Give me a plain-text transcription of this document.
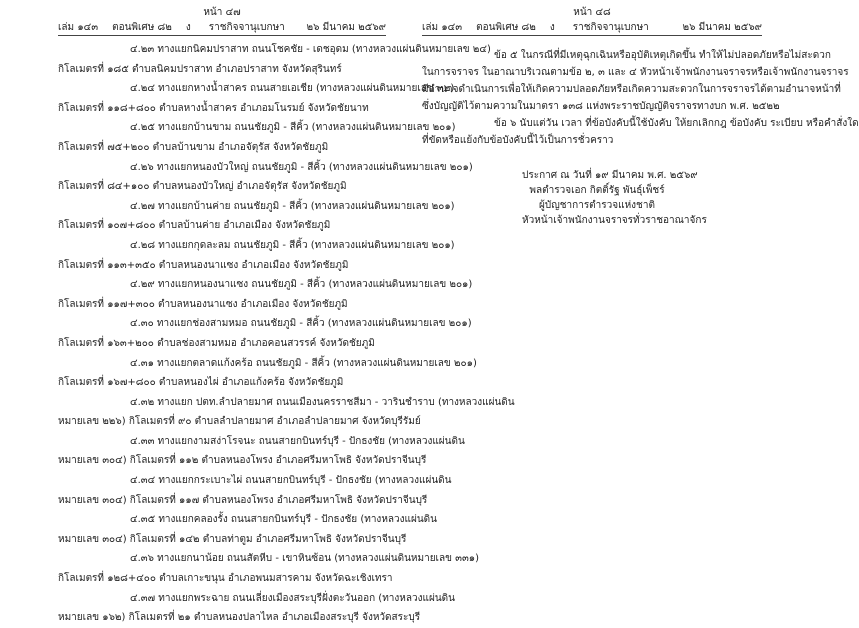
หน้า ๔๗
เล่ม ๑๔๓ ตอนพิเศษ ๘๒ ง ราชกิจจานุเบกษา ๒๖ มีนาคม ๒๕๖๙
๔.๒๓ ทางแยกนิคมปราสาท ถนนโชคชัย - เดชอุดม (ทางหลวงแผ่นดินหมายเลข ๒๔)
กิโลเมตรที่ ๑๘๕ ตำบลนิคมปราสาท อำเภอปราสาท จังหวัดสุรินทร์
๔.๒๔ ทางแยกหางน้ำสาคร ถนนสายเอเชีย (ทางหลวงแผ่นดินหมายเลข ๓๒)
กิโลเมตรที่ ๑๑๘+๘๐๐ ตำบลหางน้ำสาคร อำเภอมโนรมย์ จังหวัดชัยนาท
๔.๒๕ ทางแยกบ้านขาม ถนนชัยภูมิ - สีคิ้ว (ทางหลวงแผ่นดินหมายเลข ๒๐๑)
กิโลเมตรที่ ๗๕+๒๐๐ ตำบลบ้านขาม อำเภอจัตุรัส จังหวัดชัยภูมิ
๔.๒๖ ทางแยกหนองบัวใหญ่ ถนนชัยภูมิ - สีคิ้ว (ทางหลวงแผ่นดินหมายเลข ๒๐๑)
กิโลเมตรที่ ๘๔+๑๐๐ ตำบลหนองบัวใหญ่ อำเภอจัตุรัส จังหวัดชัยภูมิ
๔.๒๗ ทางแยกบ้านค่าย ถนนชัยภูมิ - สีคิ้ว (ทางหลวงแผ่นดินหมายเลข ๒๐๑)
กิโลเมตรที่ ๑๐๗+๘๐๐ ตำบลบ้านค่าย อำเภอเมือง จังหวัดชัยภูมิ
๔.๒๘ ทางแยกกุดละลม ถนนชัยภูมิ - สีคิ้ว (ทางหลวงแผ่นดินหมายเลข ๒๐๑)
กิโลเมตรที่ ๑๑๓+๓๕๐ ตำบลหนองนาแซง อำเภอเมือง จังหวัดชัยภูมิ
๔.๒๙ ทางแยกหนองนาแซง ถนนชัยภูมิ - สีคิ้ว (ทางหลวงแผ่นดินหมายเลข ๒๐๑)
กิโลเมตรที่ ๑๑๗+๓๐๐ ตำบลหนองนาแซง อำเภอเมือง จังหวัดชัยภูมิ
๔.๓๐ ทางแยกช่องสามหมอ ถนนชัยภูมิ - สีคิ้ว (ทางหลวงแผ่นดินหมายเลข ๒๐๑)
กิโลเมตรที่ ๑๖๓+๒๐๐ ตำบลช่องสามหมอ อำเภอคอนสวรรค์ จังหวัดชัยภูมิ
๔.๓๑ ทางแยกตลาดแก้งคร้อ ถนนชัยภูมิ - สีคิ้ว (ทางหลวงแผ่นดินหมายเลข ๒๐๑)
กิโลเมตรที่ ๑๖๗+๘๐๐ ตำบลหนองไผ่ อำเภอแก้งคร้อ จังหวัดชัยภูมิ
๔.๓๒ ทางแยก ปตท.ลำปลายมาศ ถนนเมืองนครราชสีมา - วารินชำราบ (ทางหลวงแผ่นดิน
หมายเลข ๒๒๖) กิโลเมตรที่ ๙๐ ตำบลลำปลายมาศ อำเภอลำปลายมาศ จังหวัดบุรีรัมย์
๔.๓๓ ทางแยกงามสง่าโรจนะ ถนนสายกบินทร์บุรี - ปักธงชัย (ทางหลวงแผ่นดิน
หมายเลข ๓๐๔) กิโลเมตรที่ ๑๑๒ ตำบลหนองโพรง อำเภอศรีมหาโพธิ จังหวัดปราจีนบุรี
๔.๓๔ ทางแยกกระเบาะไผ่ ถนนสายกบินทร์บุรี - ปักธงชัย (ทางหลวงแผ่นดิน
หมายเลข ๓๐๔) กิโลเมตรที่ ๑๑๗ ตำบลหนองโพรง อำเภอศรีมหาโพธิ จังหวัดปราจีนบุรี
๔.๓๕ ทางแยกคลองรั้ง ถนนสายกบินทร์บุรี - ปักธงชัย (ทางหลวงแผ่นดิน
หมายเลข ๓๐๔) กิโลเมตรที่ ๑๔๒ ตำบลท่าตูม อำเภอศรีมหาโพธิ จังหวัดปราจีนบุรี
๔.๓๖ ทางแยกนาน้อย ถนนสัตหีบ - เขาหินซ้อน (ทางหลวงแผ่นดินหมายเลข ๓๓๑)
กิโลเมตรที่ ๑๒๘+๔๐๐ ตำบลเกาะขนุน อำเภอพนมสารคาม จังหวัดฉะเชิงเทรา
๔.๓๗ ทางแยกพระฉาย ถนนเลี่ยงเมืองสระบุรีฝั่งตะวันออก (ทางหลวงแผ่นดิน
หมายเลข ๑๖๒) กิโลเมตรที่ ๒๑ ตำบลหนองปลาไหล อำเภอเมืองสระบุรี จังหวัดสระบุรี
หน้า ๔๘
เล่ม ๑๔๓ ตอนพิเศษ ๘๒ ง ราชกิจจานุเบกษา	๒๖ มีนาคม ๒๕๖๙
ข้อ ๕ ในกรณีที่มีเหตุฉุกเฉินหรืออุบัติเหตุเกิดขึ้น ทำให้ไม่ปลอดภัยหรือไม่สะดวก
ในการจราจร ในอาณาบริเวณตามข้อ ๒, ๓ และ ๔ หัวหน้าเจ้าพนักงานจราจรหรือเจ้าพนักงานจราจร
มีอำนาจดำเนินการเพื่อให้เกิดความปลอดภัยหรือเกิดความสะดวกในการจราจรได้ตามอำนาจหน้าที่
ซึ่งบัญญัติไว้ตามความในมาตรา ๑๓๘ แห่งพระราชบัญญัติจราจรทางบก พ.ศ. ๒๕๒๒
ข้อ ๖ นับแต่วัน เวลา ที่ข้อบังคับนี้ใช้บังคับ ให้ยกเลิกกฎ ข้อบังคับ ระเบียบ หรือคำสั่งใด
ที่ขัดหรือแย้งกับข้อบังคับนี้ไว้เป็นการชั่วคราว
ประกาศ ณ วันที่ ๑๙ มีนาคม พ.ศ. ๒๕๖๙
พลตำรวจเอก กิตติ์รัฐ พันธุ์เพ็ชร์
ผู้บัญชาการตำรวจแห่งชาติ
หัวหน้าเจ้าพนักงานจราจรทั่วราชอาณาจักร
